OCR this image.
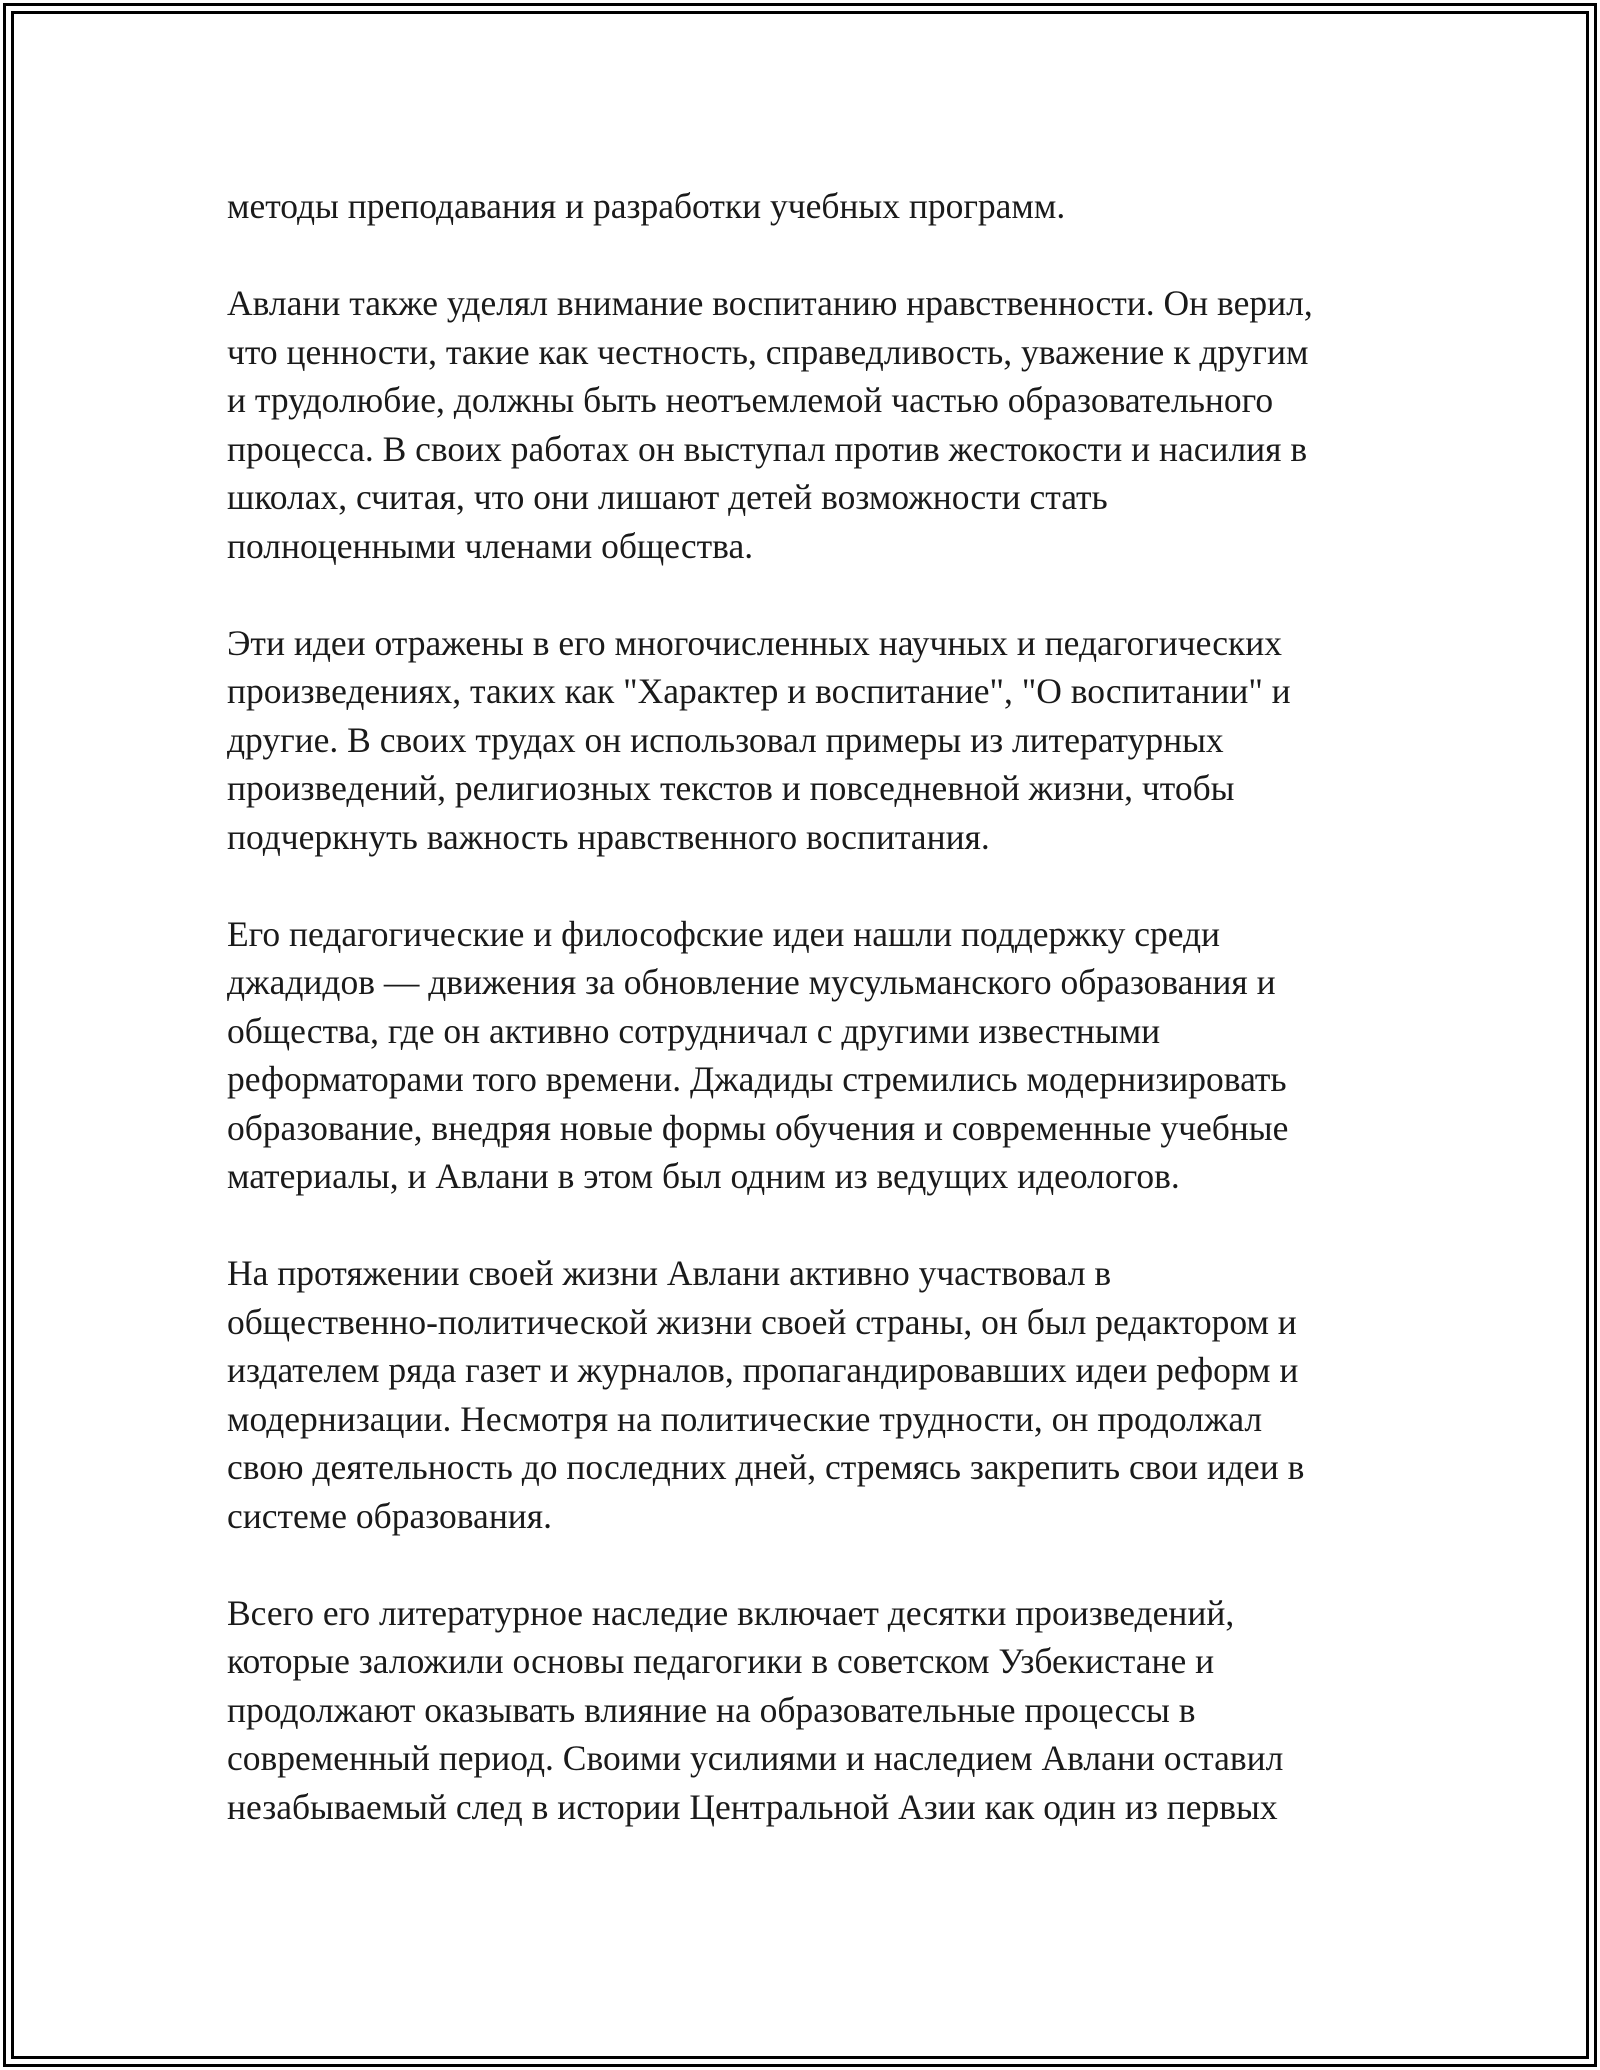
методы преподавания и разработки учебных программ.

Авлани также уделял внимание воспитанию нравственности. Он верил,
что ценности, такие как честность, справедливость, уважение к другим
и трудолюбие, должны быть неотъемлемой частью образовательного
процесса. В своих работах он выступал против жестокости и насилия в
школах, считая, что они лишают детей возможности стать
полноценными членами общества.

Эти идеи отражены в его многочисленных научных и педагогических
произведениях, таких как "Характер и воспитание", "О воспитании" и
другие. В своих трудах он использовал примеры из литературных
произведений, религиозных текстов и повседневной жизни, чтобы
подчеркнуть важность нравственного воспитания.

Его педагогические и философские идеи нашли поддержку среди
джадидов — движения за обновление мусульманского образования и
общества, где он активно сотрудничал с другими известными
реформаторами того времени. Джадиды стремились модернизировать
образование, внедряя новые формы обучения и современные учебные
материалы, и Авлани в этом был одним из ведущих идеологов.

На протяжении своей жизни Авлани активно участвовал в
общественно-политической жизни своей страны, он был редактором и
издателем ряда газет и журналов, пропагандировавших идеи реформ и
модернизации. Несмотря на политические трудности, он продолжал
свою деятельность до последних дней, стремясь закрепить свои идеи в
системе образования.

Всего его литературное наследие включает десятки произведений,
которые заложили основы педагогики в советском Узбекистане и
продолжают оказывать влияние на образовательные процессы в
современный период. Своими усилиями и наследием Авлани оставил
незабываемый след в истории Центральной Азии как один из первых
